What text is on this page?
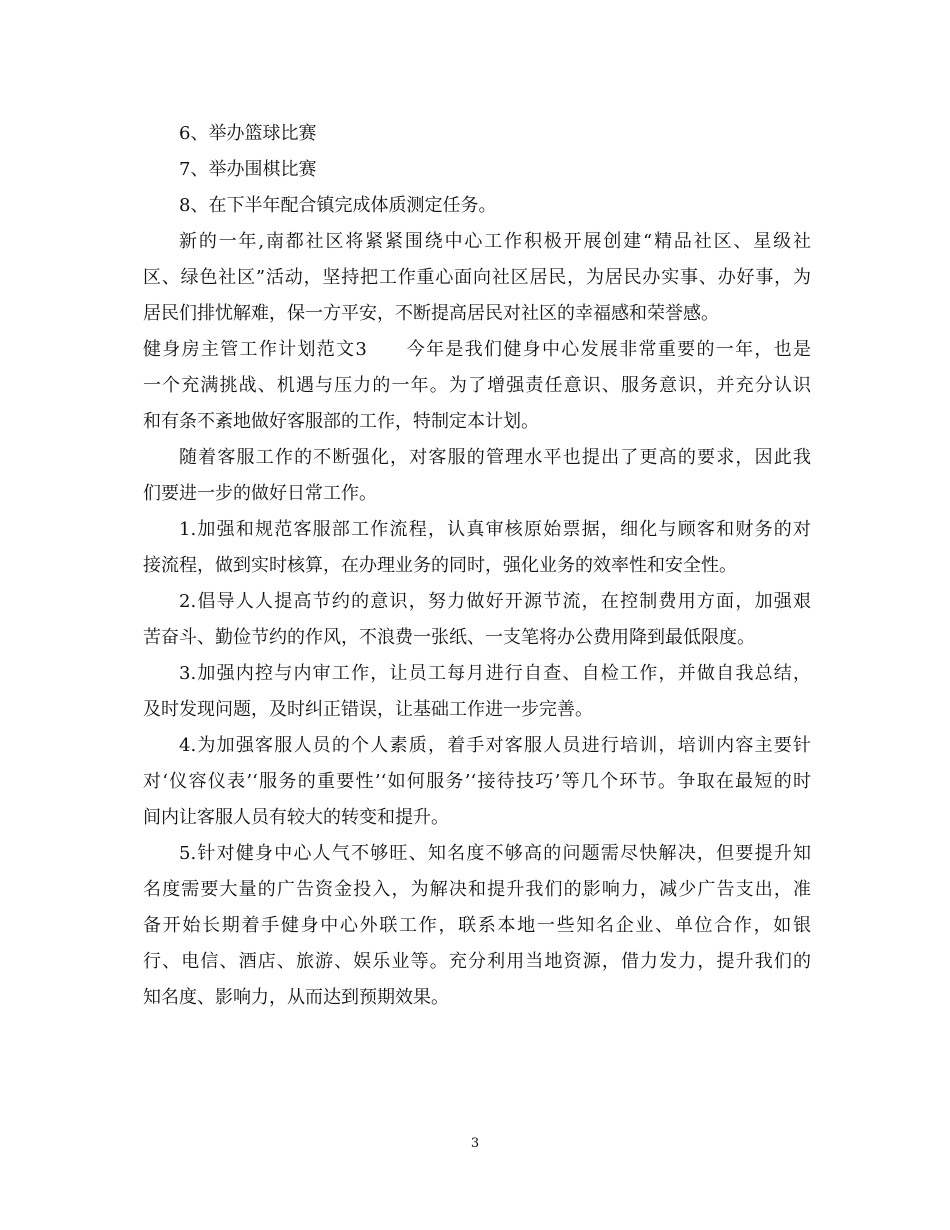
6、举办篮球比赛
7、举办围棋比赛
8、在下半年配合镇完成体质测定任务。
新的一年,南都社区将紧紧围绕中心工作积极开展创建“精品社区、星级社
区、绿色社区”活动，坚持把工作重心面向社区居民，为居民办实事、办好事，为
居民们排忧解难，保一方平安，不断提高居民对社区的幸福感和荣誉感。
健身房主管工作计划范文3　　今年是我们健身中心发展非常重要的一年，也是
一个充满挑战、机遇与压力的一年。为了增强责任意识、服务意识，并充分认识
和有条不紊地做好客服部的工作，特制定本计划。
随着客服工作的不断强化，对客服的管理水平也提出了更高的要求，因此我
们要进一步的做好日常工作。
1.加强和规范客服部工作流程，认真审核原始票据，细化与顾客和财务的对
接流程，做到实时核算，在办理业务的同时，强化业务的效率性和安全性。
2.倡导人人提高节约的意识，努力做好开源节流，在控制费用方面，加强艰
苦奋斗、勤俭节约的作风，不浪费一张纸、一支笔将办公费用降到最低限度。
3.加强内控与内审工作，让员工每月进行自查、自检工作，并做自我总结，
及时发现问题，及时纠正错误，让基础工作进一步完善。
4.为加强客服人员的个人素质，着手对客服人员进行培训，培训内容主要针
对‘仪容仪表’‘服务的重要性’‘如何服务’‘接待技巧’等几个环节。争取在最短的时
间内让客服人员有较大的转变和提升。
5.针对健身中心人气不够旺、知名度不够高的问题需尽快解决，但要提升知
名度需要大量的广告资金投入，为解决和提升我们的影响力，减少广告支出，准
备开始长期着手健身中心外联工作，联系本地一些知名企业、单位合作，如银
行、电信、酒店、旅游、娱乐业等。充分利用当地资源，借力发力，提升我们的
知名度、影响力，从而达到预期效果。
3
